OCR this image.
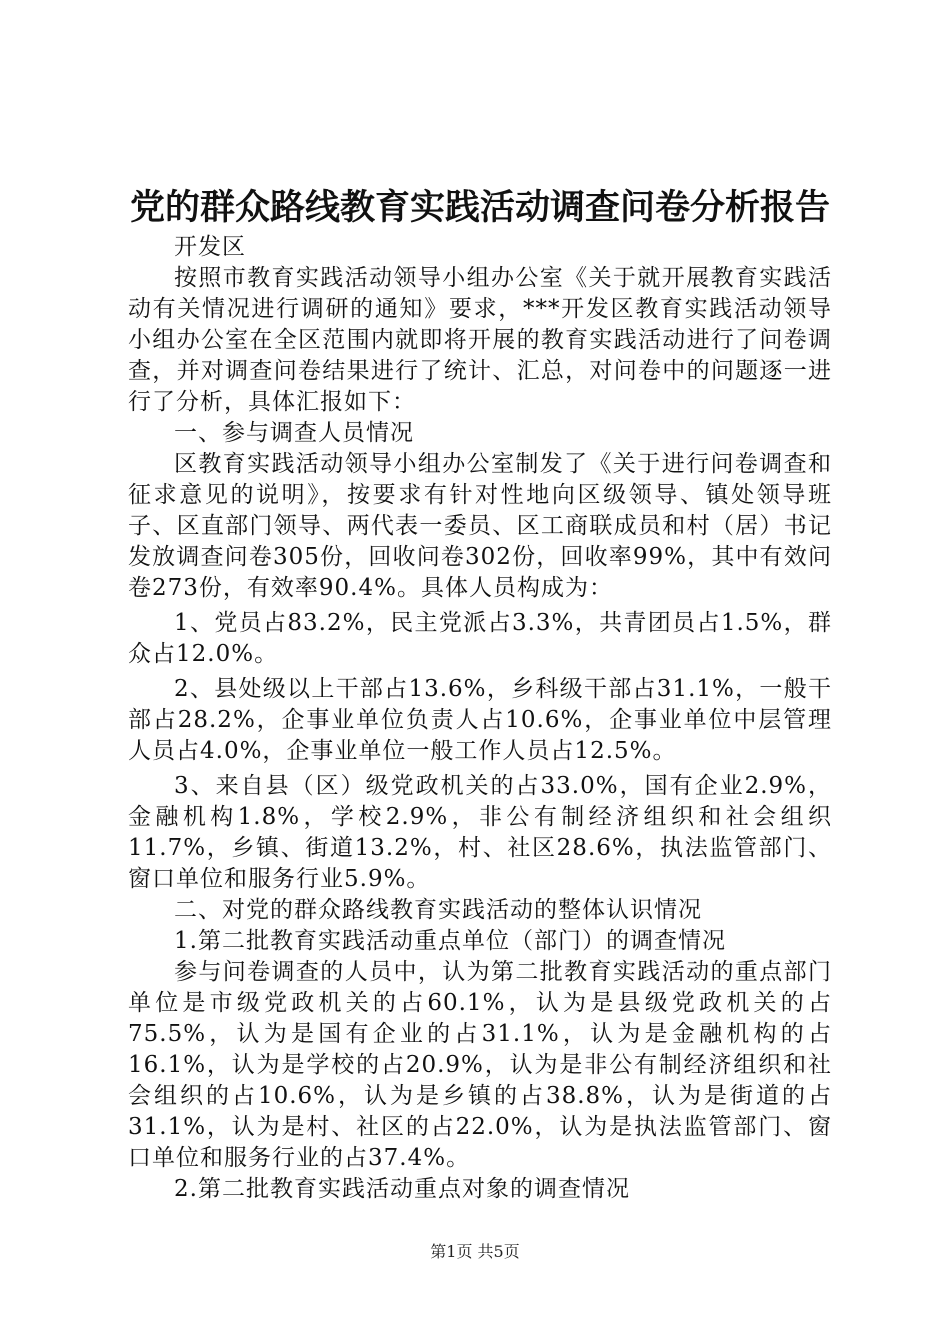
党的群众路线教育实践活动调查问卷分析报告

开发区

按照市教育实践活动领导小组办公室《关于就开展教育实践活动有关情况进行调研的通知》要求，***开发区教育实践活动领导小组办公室在全区范围内就即将开展的教育实践活动进行了问卷调查，并对调查问卷结果进行了统计、汇总，对问卷中的问题逐一进行了分析，具体汇报如下：

一、参与调查人员情况

区教育实践活动领导小组办公室制发了《关于进行问卷调查和征求意见的说明》，按要求有针对性地向区级领导、镇处领导班子、区直部门领导、两代表一委员、区工商联成员和村（居）书记发放调查问卷305份，回收问卷302份，回收率99%，其中有效问卷273份，有效率90.4%。具体人员构成为：

1、党员占83.2%，民主党派占3.3%，共青团员占1.5%，群众占12.0%。

2、县处级以上干部占13.6%，乡科级干部占31.1%，一般干部占28.2%，企事业单位负责人占10.6%，企事业单位中层管理人员占4.0%，企事业单位一般工作人员占12.5%。

3、来自县（区）级党政机关的占33.0%，国有企业2.9%，金融机构1.8%，学校2.9%，非公有制经济组织和社会组织11.7%，乡镇、街道13.2%，村、社区28.6%，执法监管部门、窗口单位和服务行业5.9%。

二、对党的群众路线教育实践活动的整体认识情况

1.第二批教育实践活动重点单位（部门）的调查情况

参与问卷调查的人员中，认为第二批教育实践活动的重点部门单位是市级党政机关的占60.1%，认为是县级党政机关的占75.5%，认为是国有企业的占31.1%，认为是金融机构的占16.1%，认为是学校的占20.9%，认为是非公有制经济组织和社会组织的占10.6%，认为是乡镇的占38.8%，认为是街道的占31.1%，认为是村、社区的占22.0%，认为是执法监管部门、窗口单位和服务行业的占37.4%。

2.第二批教育实践活动重点对象的调查情况

第1页 共5页
